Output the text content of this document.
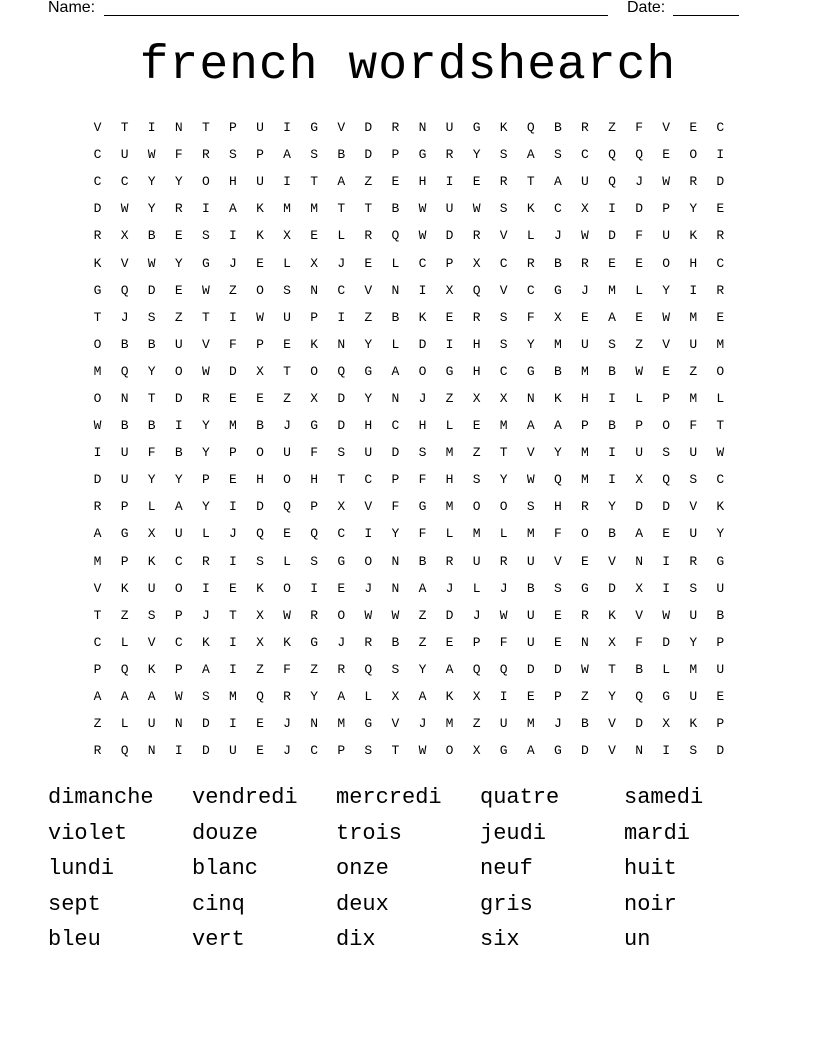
Name:	Date:
french wordshearch
V	T	I	N	T	P	U	I	G	V	D	R	N	U	G	K	Q	B	R	Z	F	V	E	C
C	U	W	F	R	S	P	A	S	B	D	P	G	R	Y	S	A	S	C	Q	Q	E	O	I
C	C	Y	Y	O	H	U	I	T	A	Z	E	H	I	E	R	T	A	U	Q	J	W	R	D
D	W	Y	R	I	A	K	M	M	T	T	B	W	U	W	S	K	C	X	I	D	P	Y	E
R	X	B	E	S	I	K	X	E	L	R	Q	W	D	R	V	L	J	W	D	F	U	K	R
K	V	W	Y	G	J	E	L	X	J	E	L	C	P	X	C	R	B	R	E	E	O	H	C
G	Q	D	E	W	Z	O	S	N	C	V	N	I	X	Q	V	C	G	J	M	L	Y	I	R
T	J	S	Z	T	I	W	U	P	I	Z	B	K	E	R	S	F	X	E	A	E	W	M	E
O	B	B	U	V	F	P	E	K	N	Y	L	D	I	H	S	Y	M	U	S	Z	V	U	M
M	Q	Y	O	W	D	X	T	O	Q	G	A	O	G	H	C	G	B	M	B	W	E	Z	O
O	N	T	D	R	E	E	Z	X	D	Y	N	J	Z	X	X	N	K	H	I	L	P	M	L
W	B	B	I	Y	M	B	J	G	D	H	C	H	L	E	M	A	A	P	B	P	O	F	T
I	U	F	B	Y	P	O	U	F	S	U	D	S	M	Z	T	V	Y	M	I	U	S	U	W
D	U	Y	Y	P	E	H	O	H	T	C	P	F	H	S	Y	W	Q	M	I	X	Q	S	C
R	P	L	A	Y	I	D	Q	P	X	V	F	G	M	O	O	S	H	R	Y	D	D	V	K
A	G	X	U	L	J	Q	E	Q	C	I	Y	F	L	M	L	M	F	O	B	A	E	U	Y
M	P	K	C	R	I	S	L	S	G	O	N	B	R	U	R	U	V	E	V	N	I	R	G
V	K	U	O	I	E	K	O	I	E	J	N	A	J	L	J	B	S	G	D	X	I	S	U
T	Z	S	P	J	T	X	W	R	O	W	W	Z	D	J	W	U	E	R	K	V	W	U	B
C	L	V	C	K	I	X	K	G	J	R	B	Z	E	P	F	U	E	N	X	F	D	Y	P
P	Q	K	P	A	I	Z	F	Z	R	Q	S	Y	A	Q	Q	D	D	W	T	B	L	M	U
A	A	A	W	S	M	Q	R	Y	A	L	X	A	K	X	I	E	P	Z	Y	Q	G	U	E
Z	L	U	N	D	I	E	J	N	M	G	V	J	M	Z	U	M	J	B	V	D	X	K	P
R	Q	N	I	D	U	E	J	C	P	S	T	W	O	X	G	A	G	D	V	N	I	S	D
dimanche	vendredi	mercredi	quatre	samedi
violet	douze	trois	jeudi	mardi
lundi	blanc	onze	neuf	huit
sept	cinq	deux	gris	noir
bleu	vert	dix	six	un
